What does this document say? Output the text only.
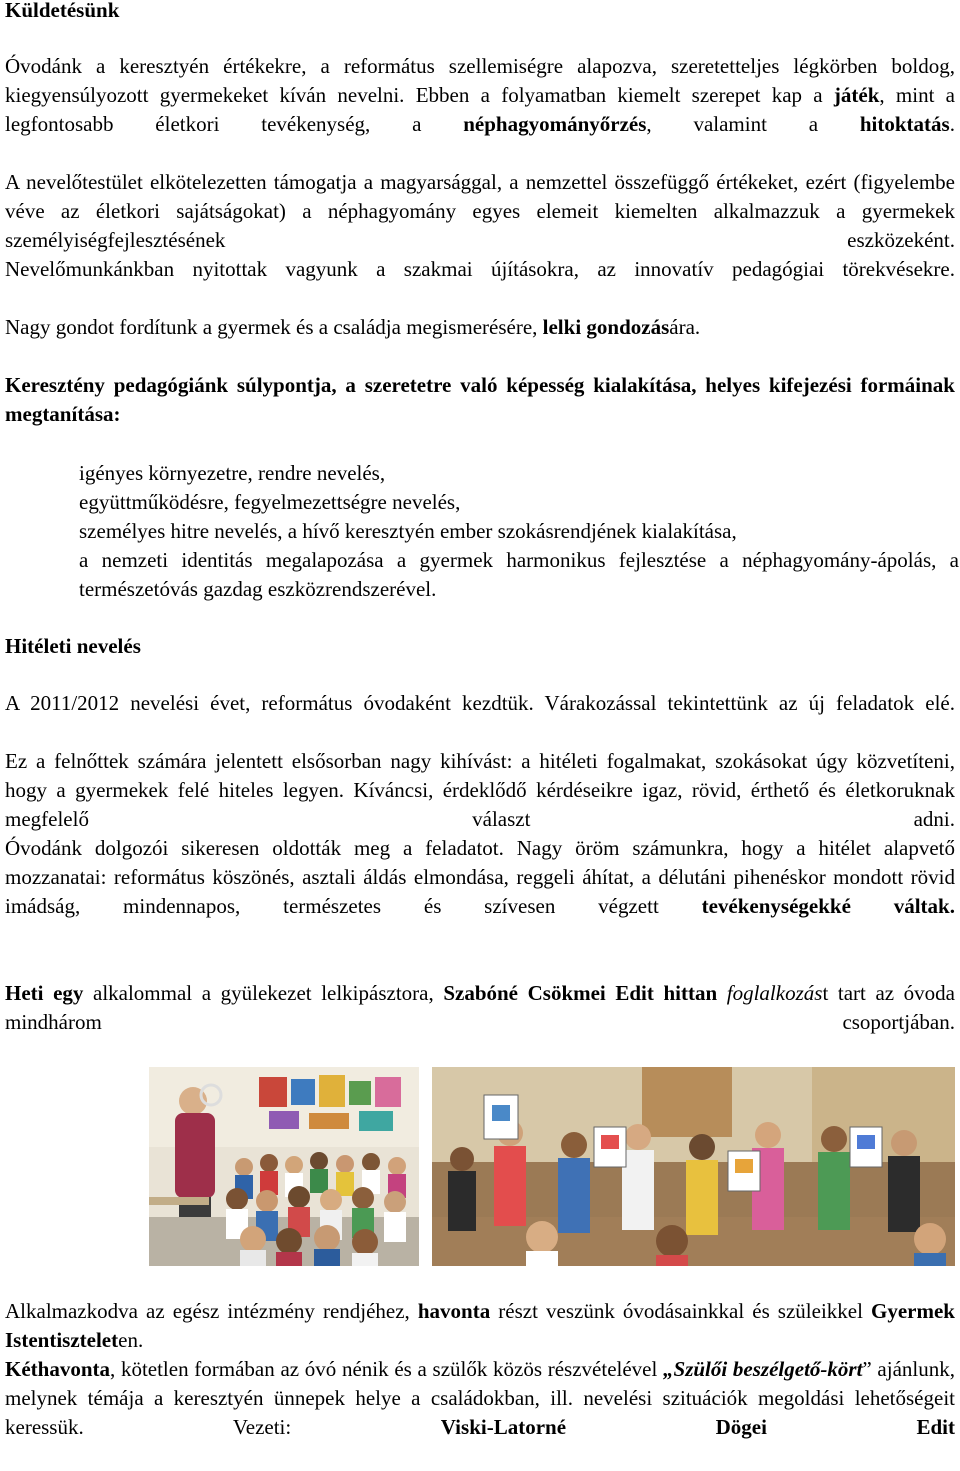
Küldetésünk

Óvodánk a keresztyén értékekre, a református szellemiségre alapozva, szeretetteljes légkörben boldog, kiegyensúlyozott gyermekeket kíván nevelni. Ebben a folyamatban kiemelt szerepet kap a játék, mint a legfontosabb életkori tevékenység, a néphagyományőrzés, valamint a hitoktatás.

A nevelőtestület elkötelezetten támogatja a magyarsággal, a nemzettel összefüggő értékeket, ezért (figyelembe véve az életkori sajátságokat) a néphagyomány egyes elemeit kiemelten alkalmazzuk a gyermekek személyiségfejlesztésének eszközeként.

Nevelőmunkánkban nyitottak vagyunk a szakmai újításokra, az innovatív pedagógiai törekvésekre.

Nagy gondot fordítunk a gyermek és a családja megismerésére, lelki gondozására.

Keresztény pedagógiánk súlypontja, a szeretetre való képesség kialakítása, helyes kifejezési formáinak megtanítása:

igényes környezetre, rendre nevelés,
együttműködésre, fegyelmezettségre nevelés,
személyes hitre nevelés, a hívő keresztyén ember szokásrendjének kialakítása,
a nemzeti identitás megalapozása a gyermek harmonikus fejlesztése a néphagyomány-ápolás, a természetóvás gazdag eszközrendszerével.

Hitéleti nevelés

A 2011/2012 nevelési évet, református óvodaként kezdtük. Várakozással tekintettünk az új feladatok elé.

Ez a felnőttek számára jelentett elsősorban nagy kihívást: a hitéleti fogalmakat, szokásokat úgy közvetíteni, hogy a gyermekek felé hiteles legyen. Kíváncsi, érdeklődő kérdéseikre igaz, rövid, érthető és életkoruknak megfelelő választ adni.

Óvodánk dolgozói sikeresen oldották meg a feladatot. Nagy öröm számunkra, hogy a hitélet alapvető mozzanatai: református köszönés, asztali áldás elmondása, reggeli áhítat, a délutáni pihenéskor mondott rövid imádság, mindennapos, természetes és szívesen végzett tevékenységekké váltak.

Heti egy alkalommal a gyülekezet lelkipásztora, Szabóné Csökmei Edit hittan foglalkozást tart az óvoda mindhárom csoportjában.

Alkalmazkodva az egész intézmény rendjéhez, havonta részt veszünk óvodásainkkal és szüleikkel Gyermek Istentiszteleten.

Kéthavonta, kötetlen formában az óvó nénik és a szülők közös részvételével „Szülői beszélgető-kört” ajánlunk, melynek témája a keresztyén ünnepek helye a családokban, ill. nevelési szituációk megoldási lehetőségeit keressük. Vezeti: Viski-Latorné Dögei Edit
